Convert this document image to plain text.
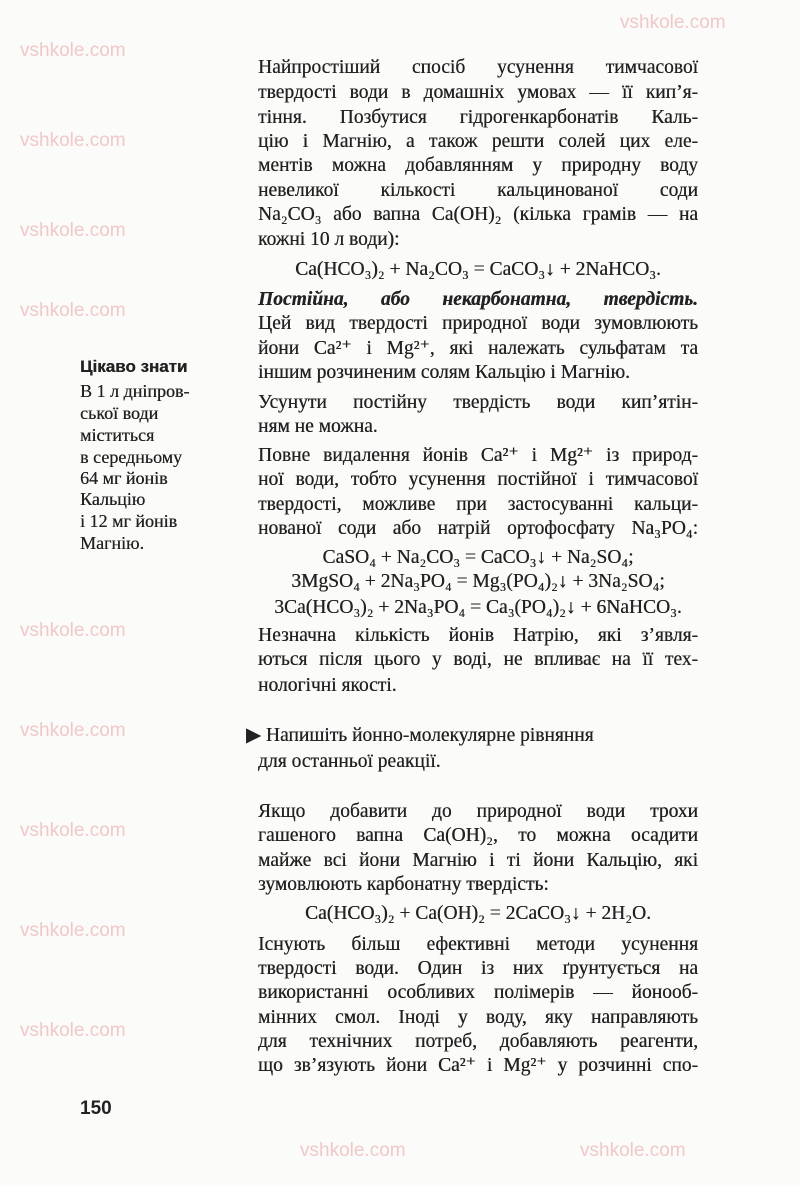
vshkole.com
vshkole.com
vshkole.com
vshkole.com
vshkole.com
vshkole.com
vshkole.com
vshkole.com
vshkole.com
vshkole.com	vshkole.com
vshkole.com
Цікаво знати
В 1 л дніпров-
ської води
міститься
в середньому
64 мг йонів
Кальцію
і 12 мг йонів
Магнію.
Найпростіший спосіб усунення тимчасової
твердості води в домашніх умовах — її кип’я-
тіння. Позбутися гідрогенкарбонатів Каль-
цію і Магнію, а також решти солей цих еле-
ментів можна добавлянням у природну воду
невеликої кількості кальцинованої соди
Na₂CO₃ або вапна Ca(OH)₂ (кілька грамів — на
кожні 10 л води):
Ca(HCO₃)₂ + Na₂CO₃ = CaCO₃↓ + 2NaHCO₃.
Постійна, або некарбонатна, твердість.
Цей вид твердості природної води зумовлюють
йони Ca²⁺ і Mg²⁺, які належать сульфатам та
іншим розчиненим солям Кальцію і Магнію.
Усунути постійну твердість води кип’ятін-
ням не можна.
Повне видалення йонів Ca²⁺ і Mg²⁺ із природ-
ної води, тобто усунення постійної і тимчасової
твердості, можливе при застосуванні кальци-
нованої соди або натрій ортофосфату Na₃PO₄:
CaSO₄ + Na₂CO₃ = CaCO₃↓ + Na₂SO₄;
3MgSO₄ + 2Na₃PO₄ = Mg₃(PO₄)₂↓ + 3Na₂SO₄;
3Ca(HCO₃)₂ + 2Na₃PO₄ = Ca₃(PO₄)₂↓ + 6NaHCO₃.
Незначна кількість йонів Натрію, які з’явля-
ються після цього у воді, не впливає на її тех-
нологічні якості.
▶ Напишіть йонно-молекулярне рівняння
для останньої реакції.
Якщо добавити до природної води трохи
гашеного вапна Ca(OH)₂, то можна осадити
майже всі йони Магнію і ті йони Кальцію, які
зумовлюють карбонатну твердість:
Ca(HCO₃)₂ + Ca(OH)₂ = 2CaCO₃↓ + 2H₂O.
Існують більш ефективні методи усунення
твердості води. Один із них ґрунтується на
використанні особливих полімерів — йонооб-
мінних смол. Іноді у воду, яку направляють
для технічних потреб, добавляють реагенти,
що зв’язують йони Ca²⁺ і Mg²⁺ у розчинні спо-
150
